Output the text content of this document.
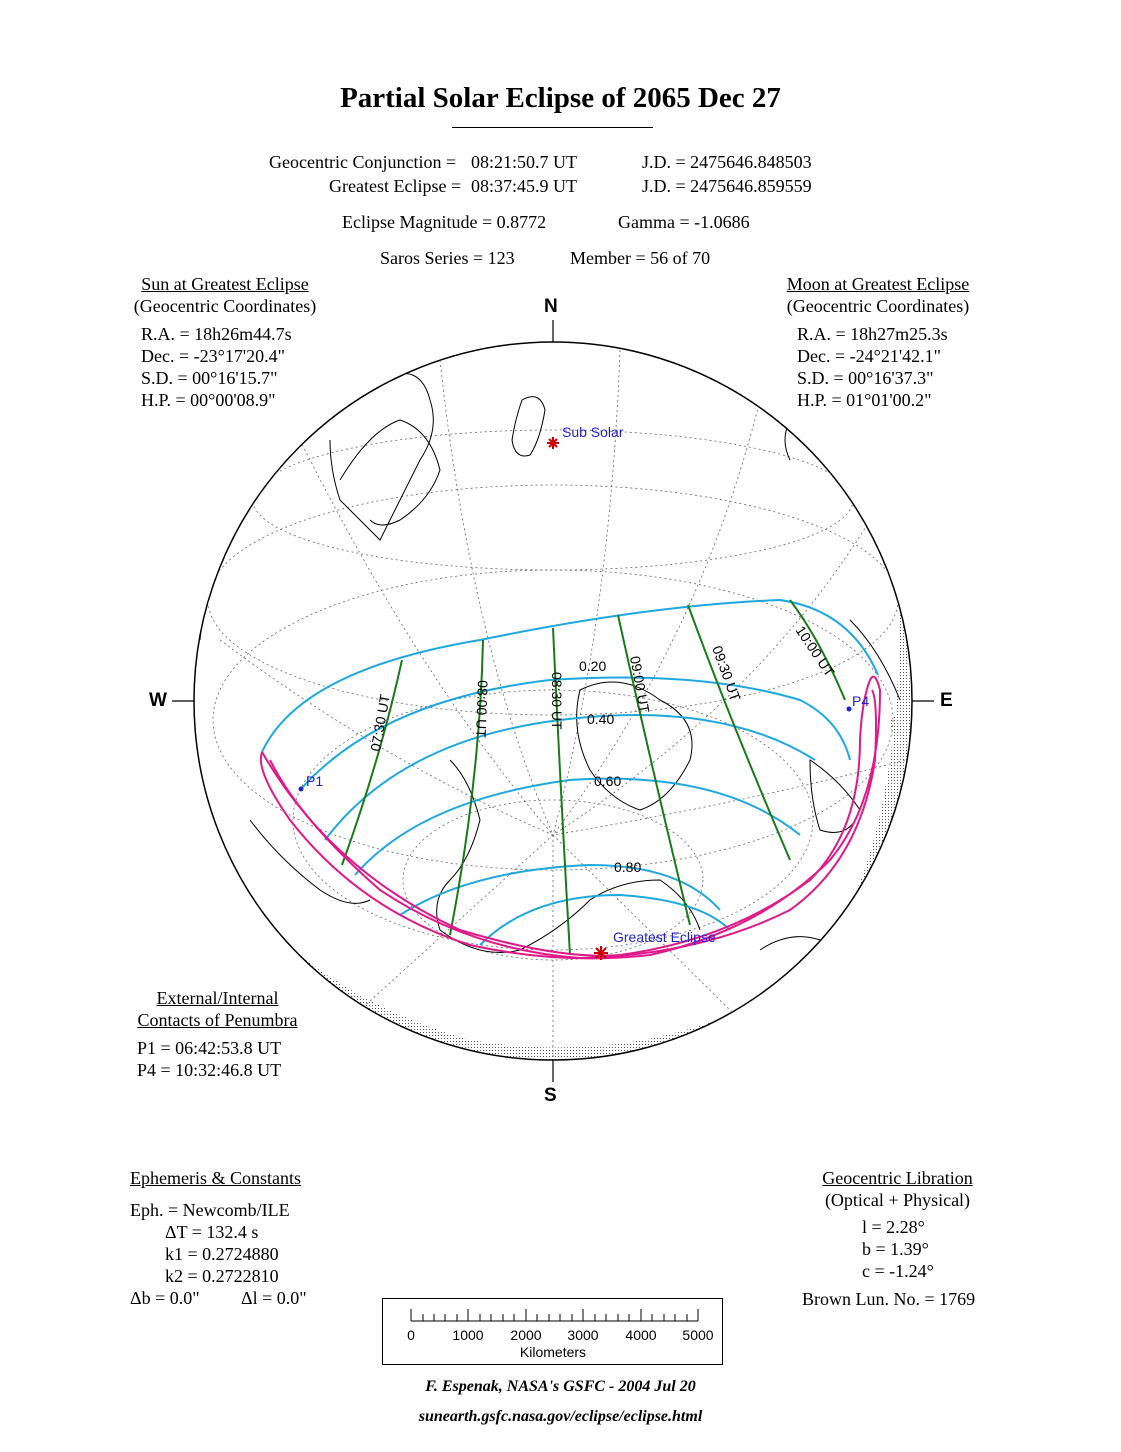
Partial Solar Eclipse of 2065 Dec 27
Geocentric Conjunction = 08:21:50.7 UT	J.D. = 2475646.848503
Greatest Eclipse = 08:37:45.9 UT	J.D. = 2475646.859559
Eclipse Magnitude = 0.8772	Gamma = -1.0686
Saros Series = 123	Member = 56 of 70
Sun at Greatest Eclipse
(Geocentric Coordinates)
R.A. = 18h26m44.7s
Dec. = -23°17'20.4"
S.D. = 00°16'15.7"
H.P. = 00°00'08.9"
Moon at Greatest Eclipse
(Geocentric Coordinates)
R.A. = 18h27m25.3s
Dec. = -24°21'42.1"
S.D. = 00°16'37.3"
H.P. = 01°01'00.2"
Sub Solar
Greatest Eclipse
P1
P4
0.20
0.40
0.60
0.80
07:30 UT	08:00 UT	08:30 UT	09:00 UT	09:30 UT	10:00 UT
N
S
W	E
External/Internal
Contacts of Penumbra
P1 = 06:42:53.8 UT
P4 = 10:32:46.8 UT
Ephemeris & Constants
Eph. = Newcomb/ILE
ΔT = 132.4 s
k1 = 0.2724880
k2 = 0.2722810
Δb = 0.0" Δl = 0.0"
Geocentric Libration
(Optical + Physical)
l = 2.28°
b = 1.39°
c = -1.24°
Brown Lun. No. = 1769
0	1000 2000 3000 4000 5000
Kilometers
F. Espenak, NASA's GSFC - 2004 Jul 20
sunearth.gsfc.nasa.gov/eclipse/eclipse.html
